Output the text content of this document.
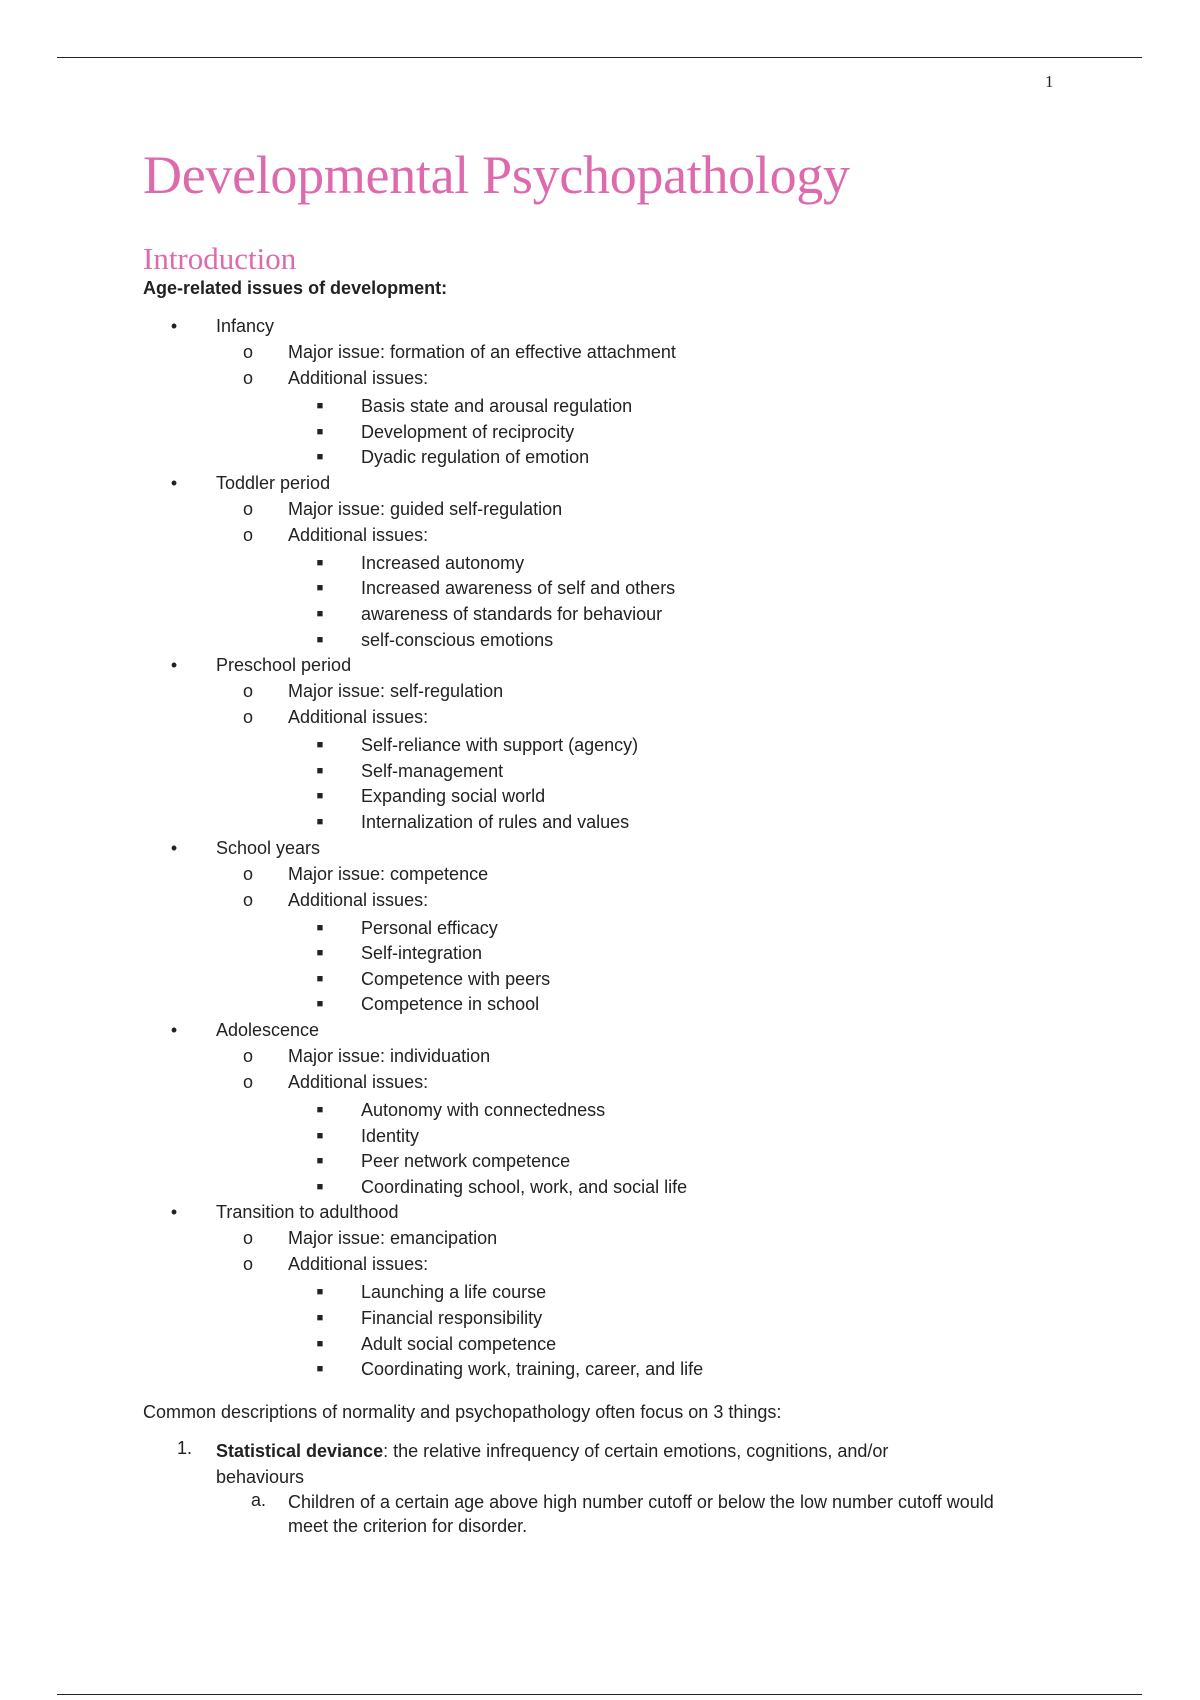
1
Developmental Psychopathology
Introduction
Age-related issues of development:
•	Infancy
o Major issue: formation of an effective attachment
o Additional issues:
■	Basis state and arousal regulation
■	Development of reciprocity
■	Dyadic regulation of emotion
•	Toddler period
o Major issue: guided self-regulation
o Additional issues:
■	Increased autonomy
■	Increased awareness of self and others
■	awareness of standards for behaviour
■	self-conscious emotions
•	Preschool period
o Major issue: self-regulation
o Additional issues:
■	Self-reliance with support (agency)
■	Self-management
■	Expanding social world
■	Internalization of rules and values
•	School years
o Major issue: competence
o Additional issues:
■	Personal efficacy
■	Self-integration
■	Competence with peers
■	Competence in school
•	Adolescence
o Major issue: individuation
o Additional issues:
■	Autonomy with connectedness
■	Identity
■	Peer network competence
■	Coordinating school, work, and social life
•	Transition to adulthood
o Major issue: emancipation
o Additional issues:
■	Launching a life course
■	Financial responsibility
■	Adult social competence
■	Coordinating work, training, career, and life
Common descriptions of normality and psychopathology often focus on 3 things:
1. Statistical deviance: the relative infrequency of certain emotions, cognitions, and/or behaviours
a. Children of a certain age above high number cutoff or below the low number cutoff would meet the criterion for disorder.
